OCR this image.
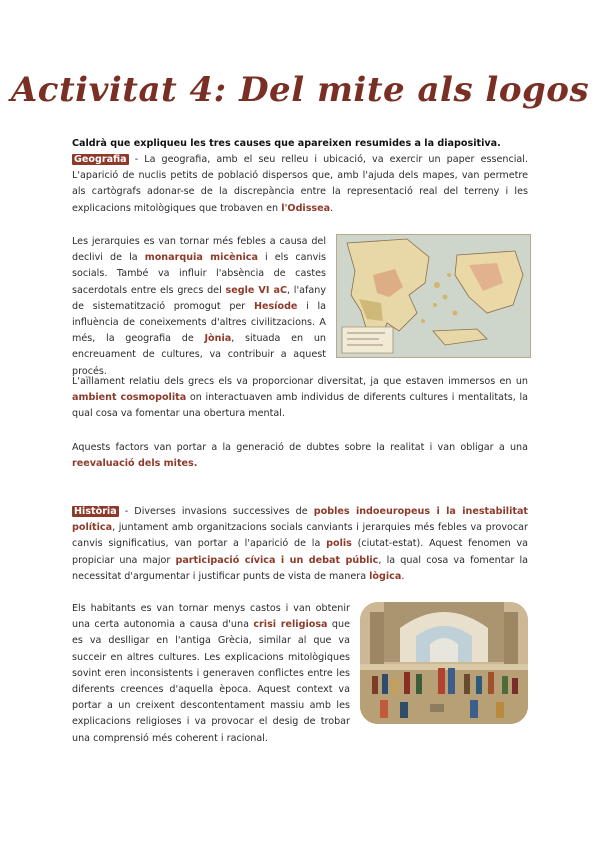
Activitat 4: Del mite als logos

Caldrà que expliqueu les tres causes que apareixen resumides a la diapositiva.

Geografia - La geografia, amb el seu relleu i ubicació, va exercir un paper essencial. L'aparició de nuclis petits de població dispersos que, amb l'ajuda dels mapes, van permetre als cartògrafs adonar-se de la discrepància entre la representació real del terreny i les explicacions mitològiques que trobaven en l'Odissea.

Les jerarquies es van tornar més febles a causa del declivi de la monarquia micènica i els canvis socials. També va influir l'absència de castes sacerdotals entre els grecs del segle VI aC, l'afany de sistematització promogut per Hesíode i la influència de coneixements d'altres civilitzacions. A més, la geografia de Jònia, situada en un encreuament de cultures, va contribuir a aquest procés.

L'aïllament relatiu dels grecs els va proporcionar diversitat, ja que estaven immersos en un ambient cosmopolita on interactuaven amb individus de diferents cultures i mentalitats, la qual cosa va fomentar una obertura mental.

Aquests factors van portar a la generació de dubtes sobre la realitat i van obligar a una reevaluació dels mites.

Història - Diverses invasions successives de pobles indoeuropeus i la inestabilitat política, juntament amb organitzacions socials canviants i jerarquies més febles va provocar canvis significatius, van portar a l'aparició de la polis (ciutat-estat). Aquest fenomen va propiciar una major participació cívica i un debat públic, la qual cosa va fomentar la necessitat d'argumentar i justificar punts de vista de manera lògica.

Els habitants es van tornar menys castos i van obtenir una certa autonomia a causa d'una crisi religiosa que es va deslligar en l'antiga Grècia, similar al que va succeir en altres cultures. Les explicacions mitològiques sovint eren inconsistents i generaven conflictes entre les diferents creences d'aquella època. Aquest context va portar a un creixent descontentament massiu amb les explicacions religioses i va provocar el desig de trobar una comprensió més coherent i racional.
